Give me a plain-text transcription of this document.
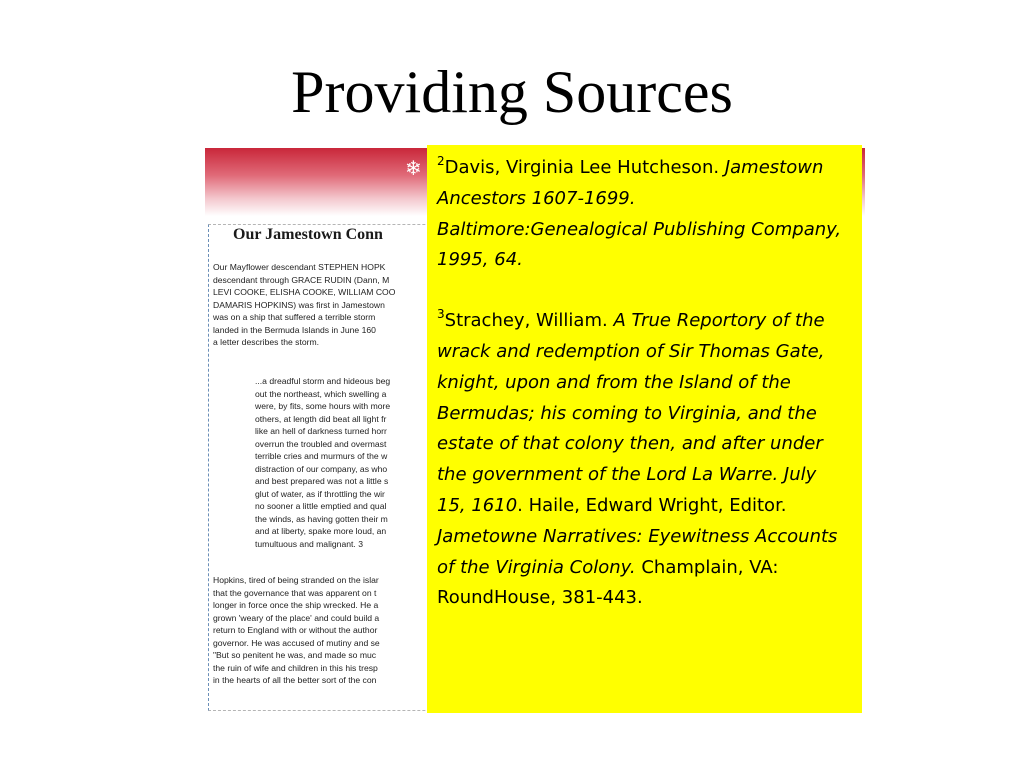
Providing Sources
❄
Our Jamestown Conn
Our Mayflower descendant STEPHEN HOPK
descendant through GRACE RUDIN (Dann, M
LEVI COOKE, ELISHA COOKE, WILLIAM COO
DAMARIS HOPKINS) was first in Jamestown
was on a ship that suffered a terrible storm
landed in the Bermuda Islands in June 160
a letter describes the storm.
...a dreadful storm and hideous beg
out the northeast, which swelling a
were, by fits, some hours with more
others, at length did beat all light fr
like an hell of darkness turned horr
overrun the troubled and overmast
terrible cries and murmurs of the w
distraction of our company, as who
and best prepared was not a little s
glut of water, as if throttling the wir
no sooner a little emptied and qual
the winds, as having gotten their m
and at liberty, spake more loud, an
tumultuous and malignant. 3
Hopkins, tired of being stranded on the islar
that the governance that was apparent on t
longer in force once the ship wrecked. He a
grown 'weary of the place' and could build a
return to England with or without the author
governor. He was accused of mutiny and se
"But so penitent he was, and made so muc
the ruin of wife and children in this his tresp
in the hearts of all the better sort of the con

$^2$Davis, Virginia Lee Hutcheson. Jamestown Ancestors 1607-1699. Baltimore:Genealogical Publishing Company, 1995, 64.

$^3$Strachey, William. A True Reportory of the wrack and redemption of Sir Thomas Gate, knight, upon and from the Island of the Bermudas; his coming to Virginia, and the estate of that colony then, and after under the government of the Lord La Warre. July 15, 1610. Haile, Edward Wright, Editor. Jametowne Narratives: Eyewitness Accounts of the Virginia Colony. Champlain, VA: RoundHouse, 381-443.
